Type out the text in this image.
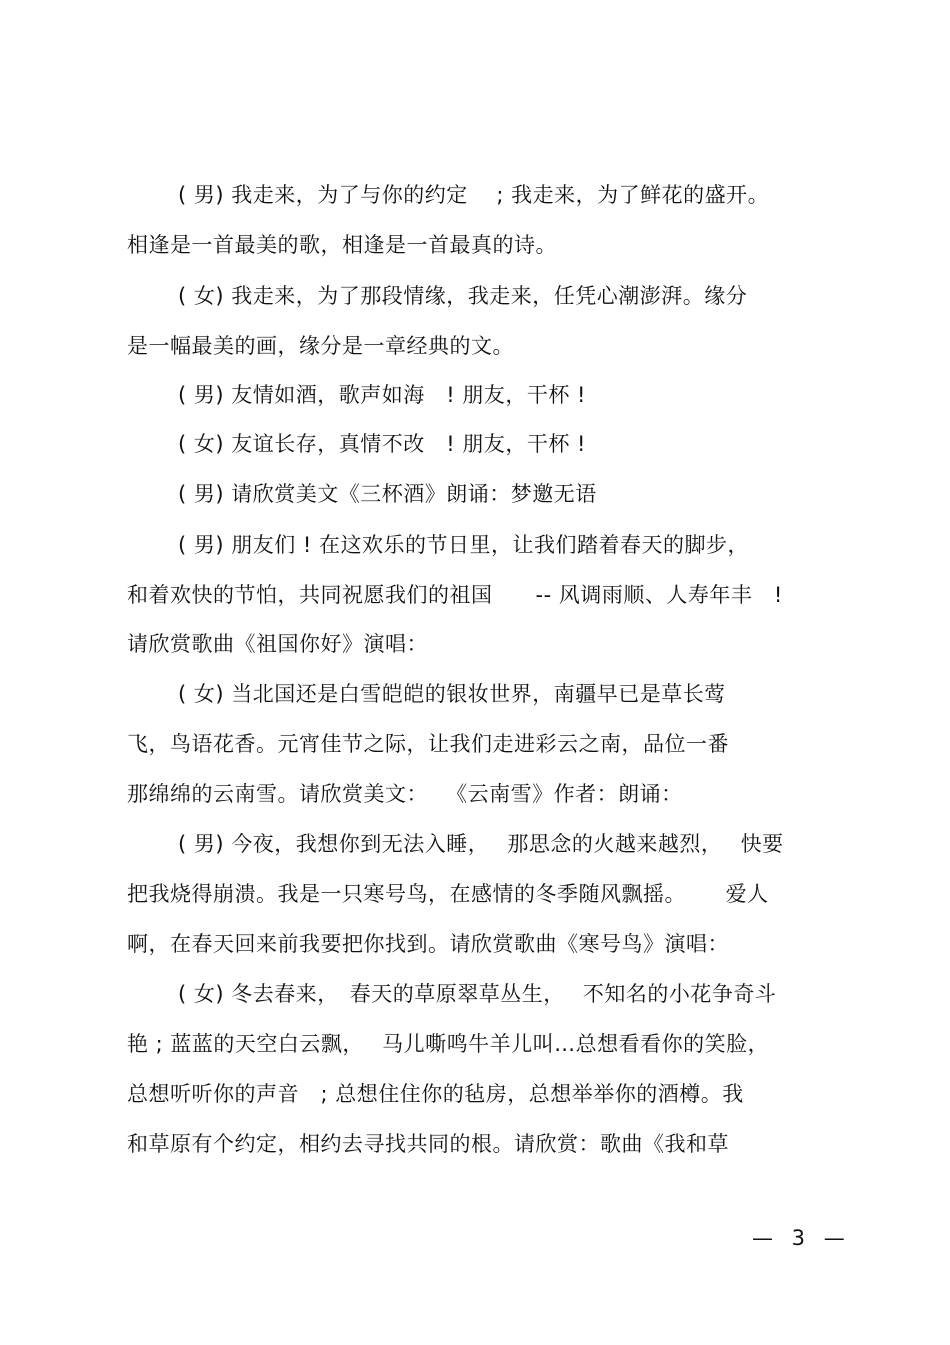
( 男) 我走来，为了与你的约定　 ; 我走来，为了鲜花的盛开。
相逢是一首最美的歌，相逢是一首最真的诗。
( 女) 我走来，为了那段情缘，我走来，任凭心潮澎湃。缘分
是一幅最美的画，缘分是一章经典的文。
( 男) 友情如酒，歌声如海　! 朋友，干杯 !
( 女) 友谊长存，真情不改　! 朋友，干杯 !
( 男) 请欣赏美文《三杯酒》朗诵：梦邀无语
( 男) 朋友们 ! 在这欢乐的节日里，让我们踏着春天的脚步，
和着欢快的节怕，共同祝愿我们的祖国　　-- 风调雨顺、人寿年丰　!
请欣赏歌曲《祖国你好》演唱：
( 女) 当北国还是白雪皑皑的银妆世界，南疆早已是草长莺
飞，鸟语花香。元宵佳节之际，让我们走进彩云之南，品位一番
那绵绵的云南雪。请欣赏美文：　 《云南雪》作者：朗诵：
( 男) 今夜，我想你到无法入睡，　 那思念的火越来越烈，　 快要
把我烧得崩溃。我是一只寒号鸟，在感情的冬季随风飘摇。　　 爱人
啊，在春天回来前我要把你找到。请欣赏歌曲《寒号鸟》演唱：
( 女) 冬去春来，　春天的草原翠草丛生，　 不知名的小花争奇斗
艳 ; 蓝蓝的天空白云飘，　 马儿嘶鸣牛羊儿叫…总想看看你的笑脸，
总想听听你的声音　; 总想住住你的毡房，总想举举你的酒樽。我
和草原有个约定，相约去寻找共同的根。请欣赏：歌曲《我和草
— 3 —
